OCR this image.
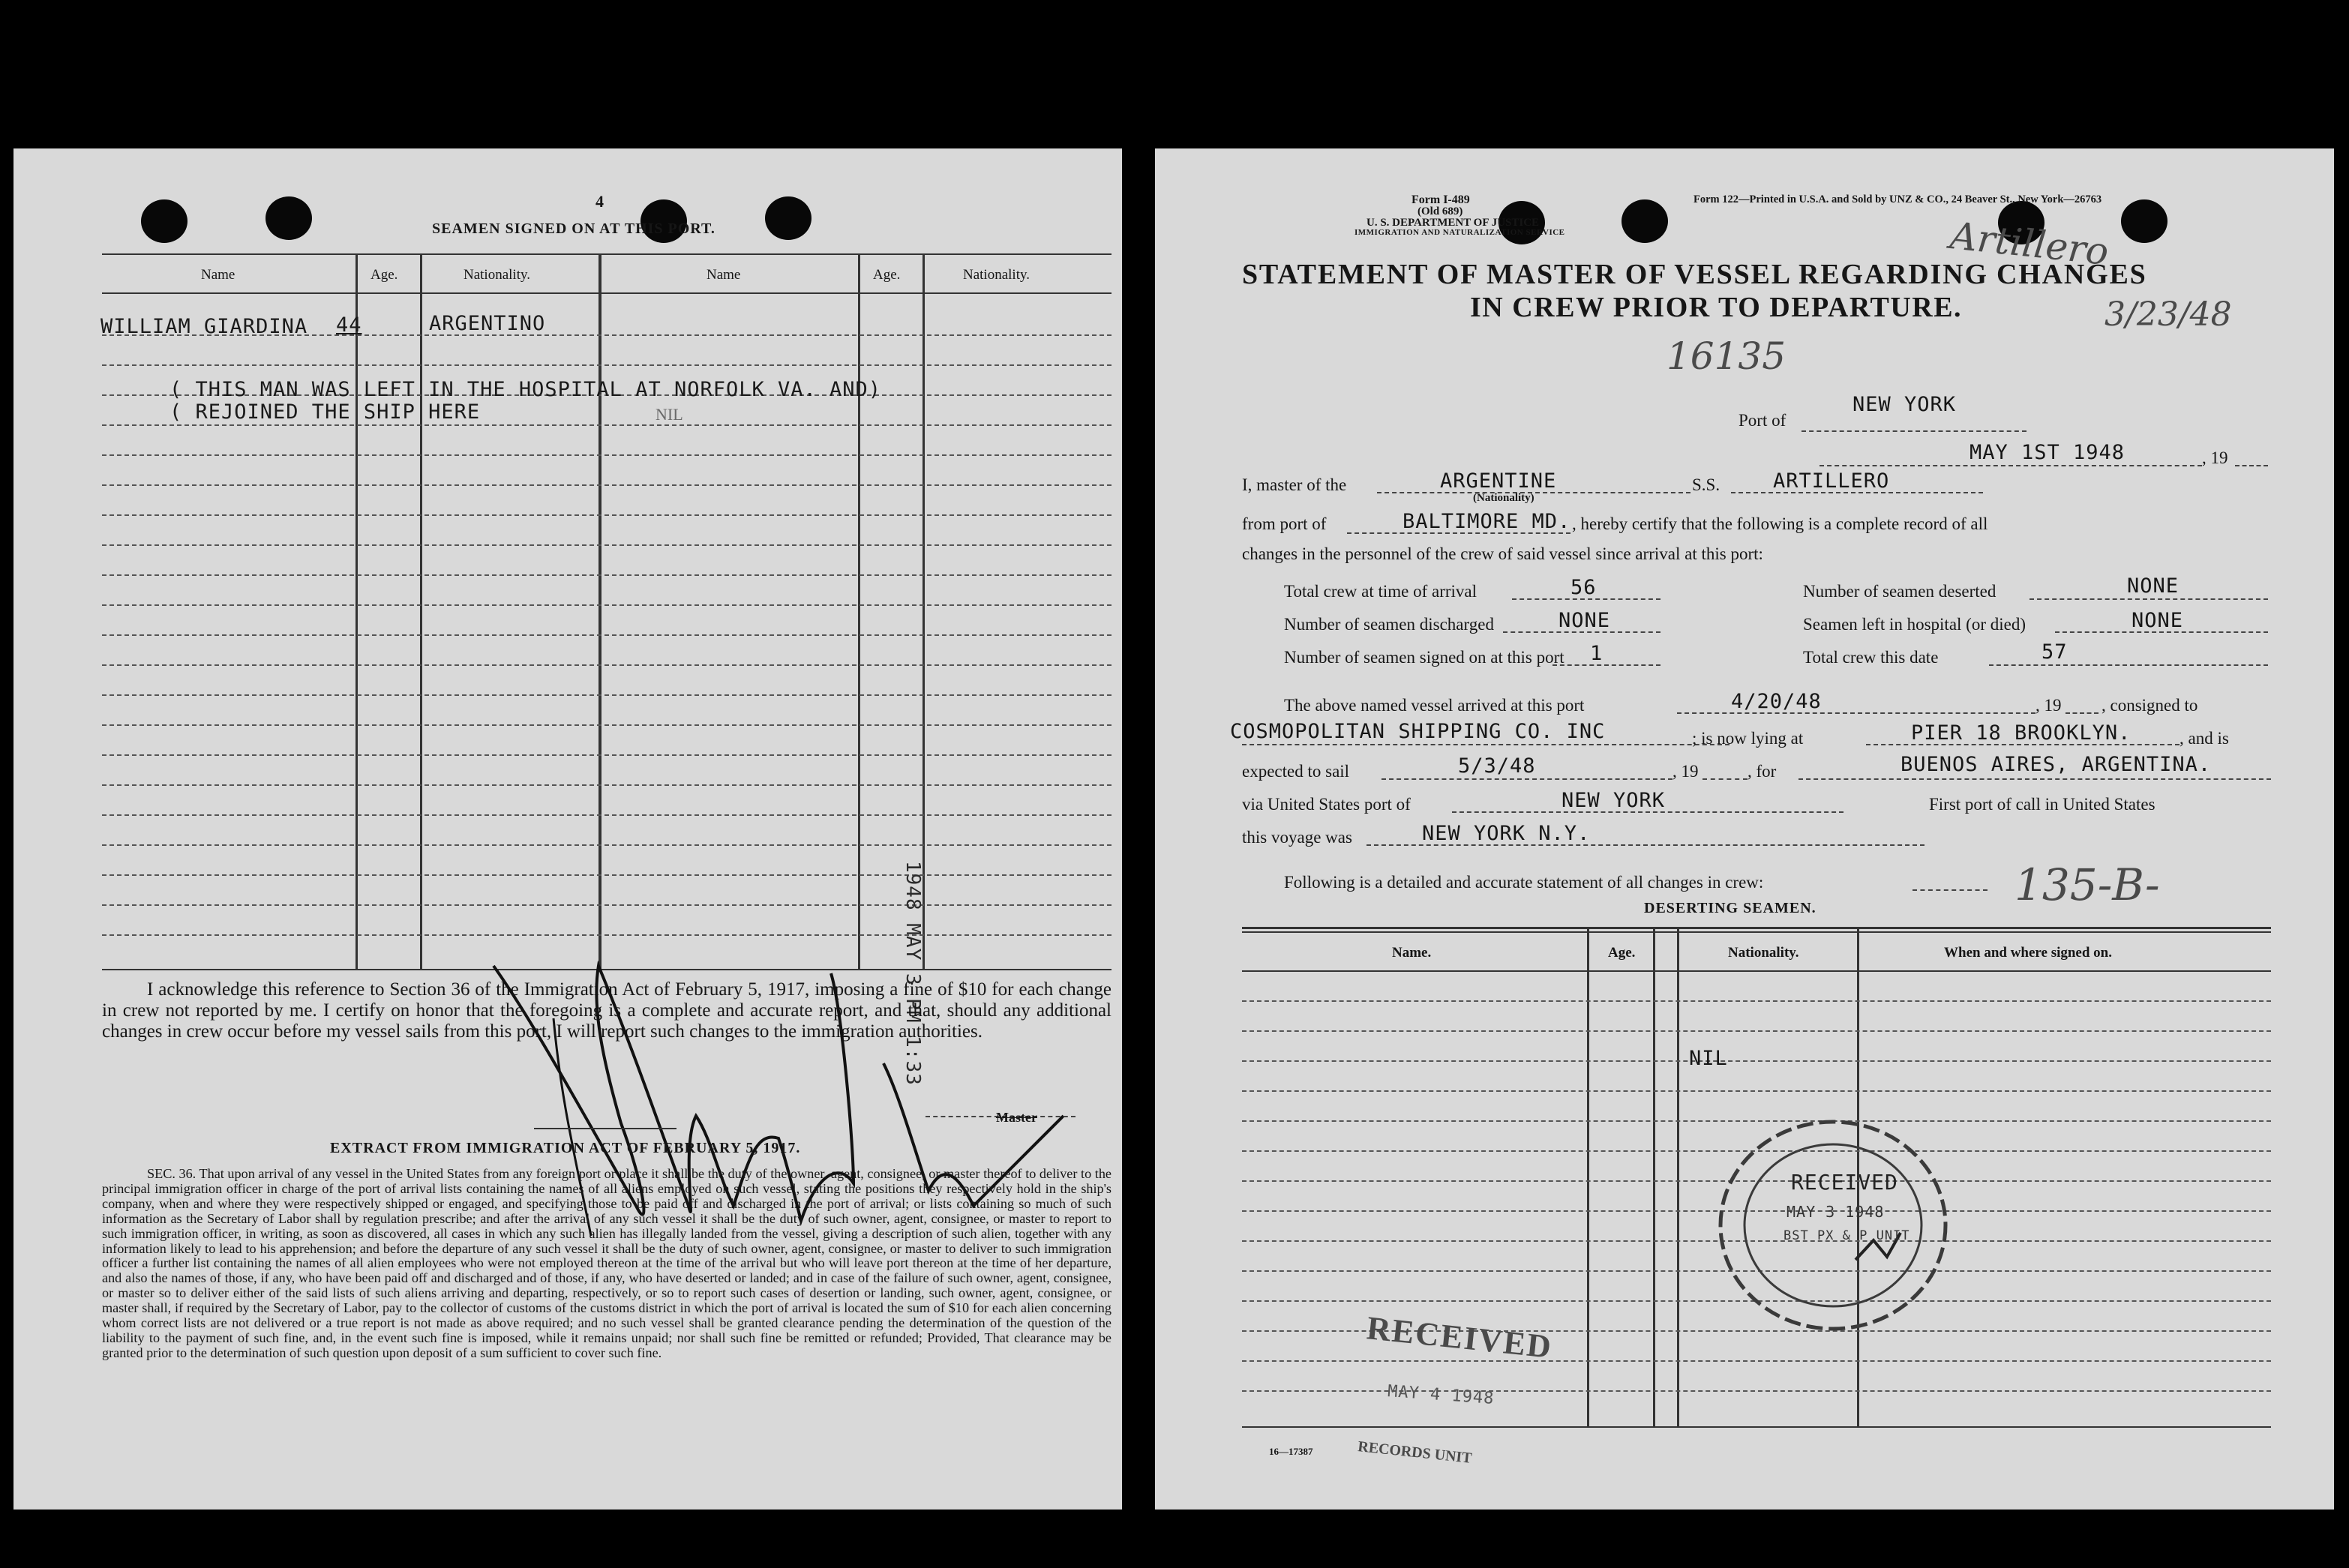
4
SEAMEN SIGNED ON AT THIS PORT.
Name	Age.	Nationality.	Name	Age.	Nationality.
WILLIAM GIARDINA 44	ARGENTINO
( THIS MAN WAS LEFT IN THE HOSPITAL AT NORFOLK VA. AND)
( REJOINED THE SHIP HERE	NIL
1948 MAY 3 PM 1:33
I acknowledge this reference to Section 36 of the Immigration Act of February 5, 1917, imposing a fine of $10 for each change in crew not reported by me. I certify on honor that the foregoing is a complete and accurate report, and that, should any additional changes in crew occur before my vessel sails from this port, I will report such changes to the immigration authorities.
Master
EXTRACT FROM IMMIGRATION ACT OF FEBRUARY 5, 1917.
SEC. 36. That upon arrival of any vessel in the United States from any foreign port or place it shall be the duty of the owner, agent, consignee, or master thereof to deliver to the principal immigration officer in charge of the port of arrival lists containing the names of all aliens employed on such vessel, stating the positions they respectively hold in the ship's company, when and where they were respectively shipped or engaged, and specifying those to be paid off and discharged in the port of arrival; or lists containing so much of such information as the Secretary of Labor shall by regulation prescribe; and after the arrival of any such vessel it shall be the duty of such owner, agent, consignee, or master to report to such immigration officer, in writing, as soon as discovered, all cases in which any such alien has illegally landed from the vessel, giving a description of such alien, together with any information likely to lead to his apprehension; and before the departure of any such vessel it shall be the duty of such owner, agent, consignee, or master to deliver to such immigration officer a further list containing the names of all alien employees who were not employed thereon at the time of the arrival but who will leave port thereon at the time of her departure, and also the names of those, if any, who have been paid off and discharged and of those, if any, who have deserted or landed; and in case of the failure of such owner, agent, consignee, or master so to deliver either of the said lists of such aliens arriving and departing, respectively, or so to report such cases of desertion or landing, such owner, agent, consignee, or master shall, if required by the Secretary of Labor, pay to the collector of customs of the customs district in which the port of arrival is located the sum of $10 for each alien concerning whom correct lists are not delivered or a true report is not made as above required; and no such vessel shall be granted clearance pending the determination of the question of the liability to the payment of such fine, and, in the event such fine is imposed, while it remains unpaid; nor shall such fine be remitted or refunded; Provided, That clearance may be granted prior to the determination of such question upon deposit of a sum sufficient to cover such fine.
Form I-489
(Old 689)
U. S. DEPARTMENT OF JUSTICE
IMMIGRATION AND NATURALIZATION SERVICE
Form 122—Printed in U.S.A. and Sold by UNZ & CO., 24 Beaver St., New York—26763
STATEMENT OF MASTER OF VESSEL REGARDING CHANGES
IN CREW PRIOR TO DEPARTURE.
Artillero
3/23/48
16135
135-B-
NEW YORK
Port of
MAY 1ST 1948	, 19
I, master of the	ARGENTINE
(Nationality)
S.S.	ARTILLERO
from port of	BALTIMORE MD. , hereby certify that the following is a complete record of all
changes in the personnel of the crew of said vessel since arrival at this port:
Total crew at time of arrival	56	Number of seamen deserted	NONE
Number of seamen discharged	NONE	Seamen left in hospital (or died)	NONE
Number of seamen signed on at this port 1	Total crew this date	57
The above named vessel arrived at this port	4/20/48	, 19 , consigned to
COSMOPOLITAN SHIPPING CO. INC	; is now lying at	PIER 18 BROOKLYN.	, and is
expected to sail	5/3/48	, 19	, for	BUENOS AIRES, ARGENTINA.
via United States port of	NEW YORK	First port of call in United States
this voyage was	NEW YORK N.Y.
Following is a detailed and accurate statement of all changes in crew:
DESERTING SEAMEN.
Name.	Age.	Nationality.	When and where signed on.
NIL
RECEIVED
MAY 3 1948
BST PX & P UNIT
RECEIVED
MAY 4 1948
RECORDS UNIT
16—17387
